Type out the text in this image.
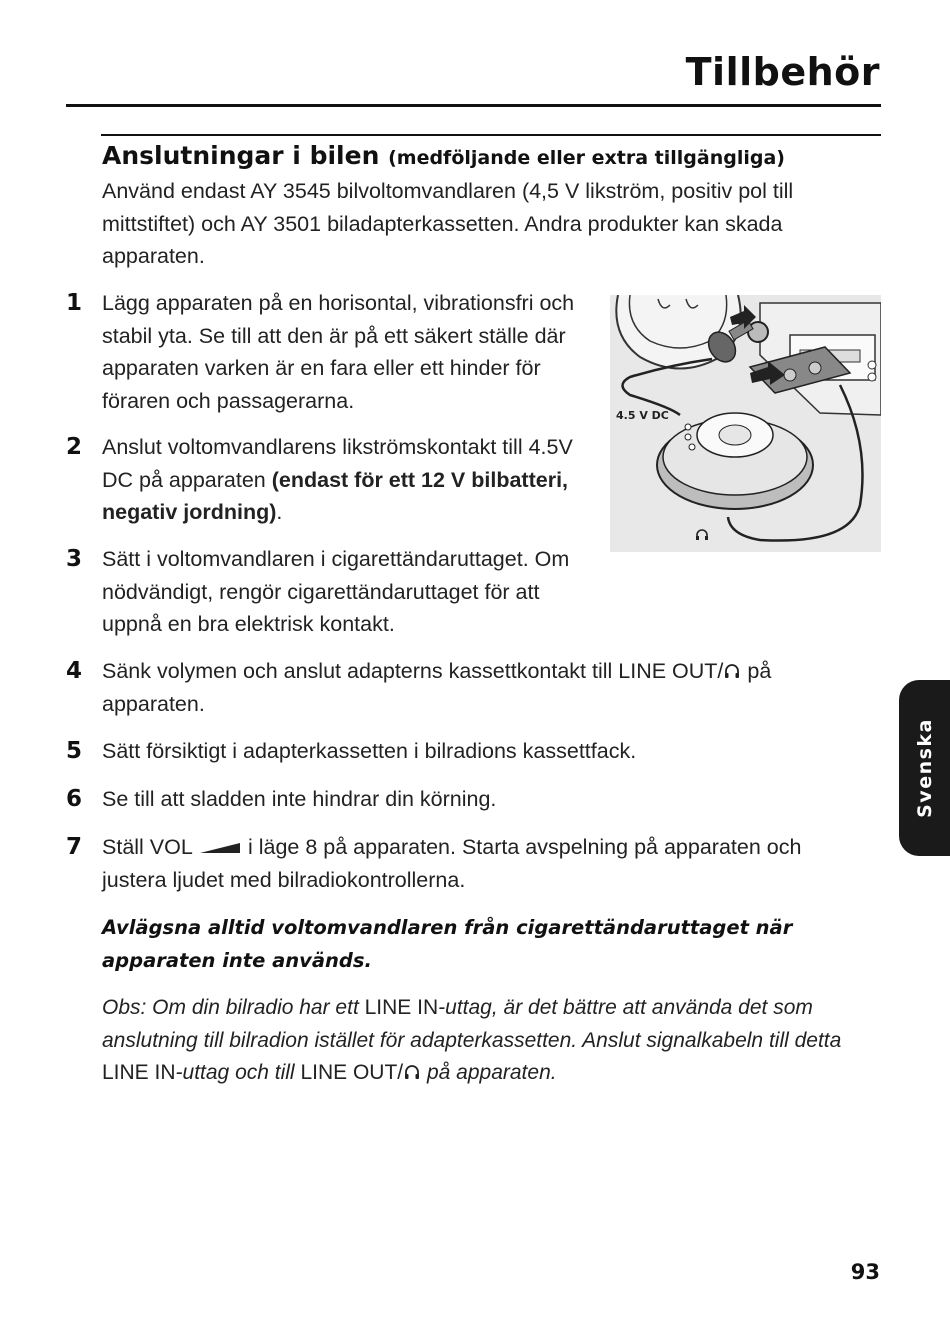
Tillbehör
Anslutningar i bilen (medföljande eller extra tillgängliga)
Använd endast AY 3545 bilvoltomvandlaren (4,5 V likström, positiv pol till mittstiftet) och AY 3501 biladapterkassetten. Andra produkter kan skada apparaten.
1 Lägg apparaten på en horisontal, vibrationsfri och stabil yta. Se till att den är på ett säkert ställe där apparaten varken är en fara eller ett hinder för föraren och passagerarna.
2 Anslut voltomvandlarens likströmskontakt till 4.5V DC på apparaten (endast för ett 12 V bilbatteri, negativ jordning).
3 Sätt i voltomvandlaren i cigarettändaruttaget. Om nödvändigt, rengör cigarettändaruttaget för att uppnå en bra elektrisk kontakt.
4 Sänk volymen och anslut adapterns kassettkontakt till LINE OUT/ på apparaten.
5 Sätt försiktigt i adapterkassetten i bilradions kassettfack.
6 Se till att sladden inte hindrar din körning.
7 Ställ VOL  i läge 8 på apparaten. Starta avspelning på apparaten och justera ljudet med bilradiokontrollerna.
Avlägsna alltid voltomvandlaren från cigarettändaruttaget när apparaten inte används.
Obs: Om din bilradio har ett LINE IN-uttag, är det bättre att använda det som anslutning till bilradion istället för adapterkassetten. Anslut signalkabeln till detta LINE IN-uttag och till LINE OUT/ på apparaten.
4.5 V DC
Svenska
93
